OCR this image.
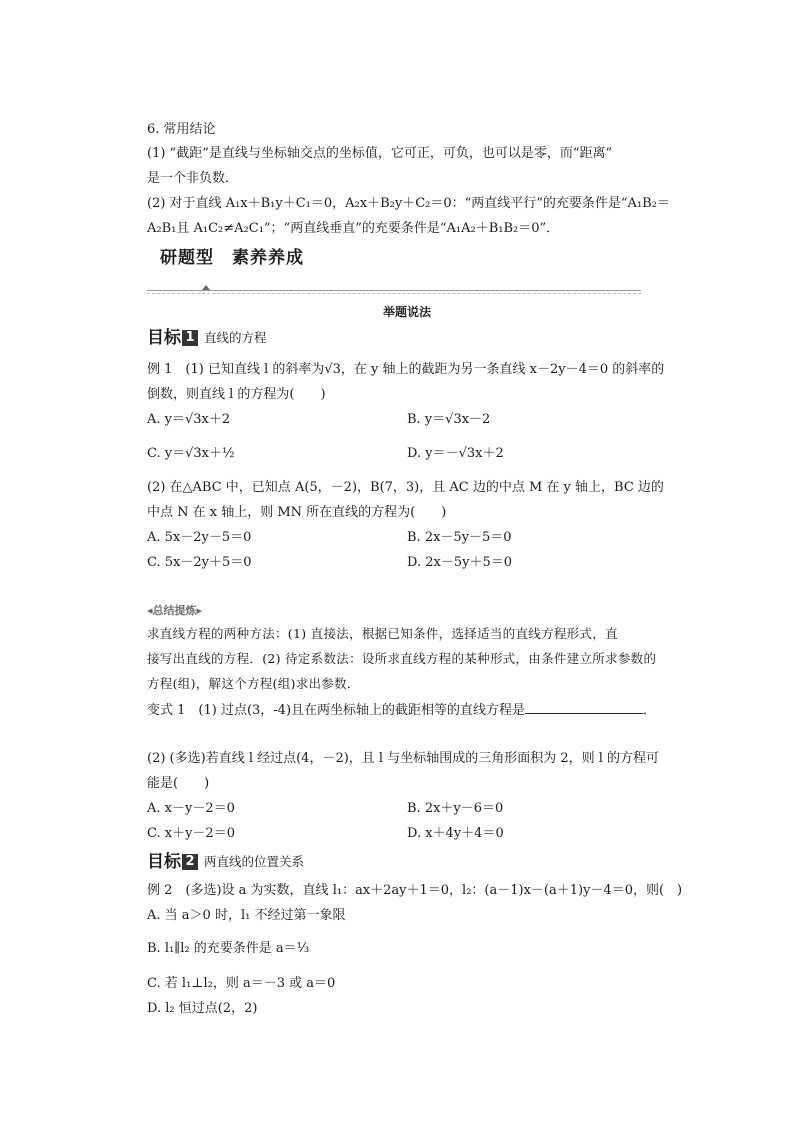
6. 常用结论
(1) “截距”是直线与坐标轴交点的坐标值，它可正，可负，也可以是零，而“距离”
是一个非负数．
(2) 对于直线 A₁x＋B₁y＋C₁＝0，A₂x＋B₂y＋C₂＝0：“两直线平行”的充要条件是“A₁B₂＝
A₂B₁且 A₁C₂≠A₂C₁”；“两直线垂直”的充要条件是“A₁A₂＋B₁B₂＝0”．
研题型　素养养成
举题说法
目标 1 直线的方程
例 1　(1) 已知直线 l 的斜率为√3，在 y 轴上的截距为另一条直线 x－2y－4＝0 的斜率的
倒数，则直线 l 的方程为(　　)
A. y＝√3x＋2	B. y＝√3x－2
C. y＝√3x＋½	D. y＝－√3x＋2
(2) 在△ABC 中，已知点 A(5，－2)，B(7，3)，且 AC 边的中点 M 在 y 轴上，BC 边的
中点 N 在 x 轴上，则 MN 所在直线的方程为(　　)
A. 5x－2y－5＝0	B. 2x－5y－5＝0
C. 5x－2y＋5＝0	D. 2x－5y＋5＝0
◂总结提炼▸
求直线方程的两种方法：(1) 直接法，根据已知条件，选择适当的直线方程形式，直
接写出直线的方程．(2) 待定系数法：设所求直线方程的某种形式，由条件建立所求参数的
方程(组)，解这个方程(组)求出参数．
变式 1　(1) 过点(3，-4)且在两坐标轴上的截距相等的直线方程是	．
(2) (多选)若直线 l 经过点(4，－2)，且 l 与坐标轴围成的三角形面积为 2，则 l 的方程可
能是(　　)
A. x－y－2＝0	B. 2x＋y－6＝0
C. x＋y－2＝0	D. x＋4y＋4＝0
目标 2 两直线的位置关系
例 2　(多选)设 a 为实数，直线 l₁：ax＋2ay＋1＝0，l₂：(a－1)x－(a＋1)y－4＝0，则(　)
A. 当 a＞0 时，l₁ 不经过第一象限
B. l₁∥l₂ 的充要条件是 a＝⅓
C. 若 l₁⊥l₂，则 a＝－3 或 a＝0
D. l₂ 恒过点(2，2)
